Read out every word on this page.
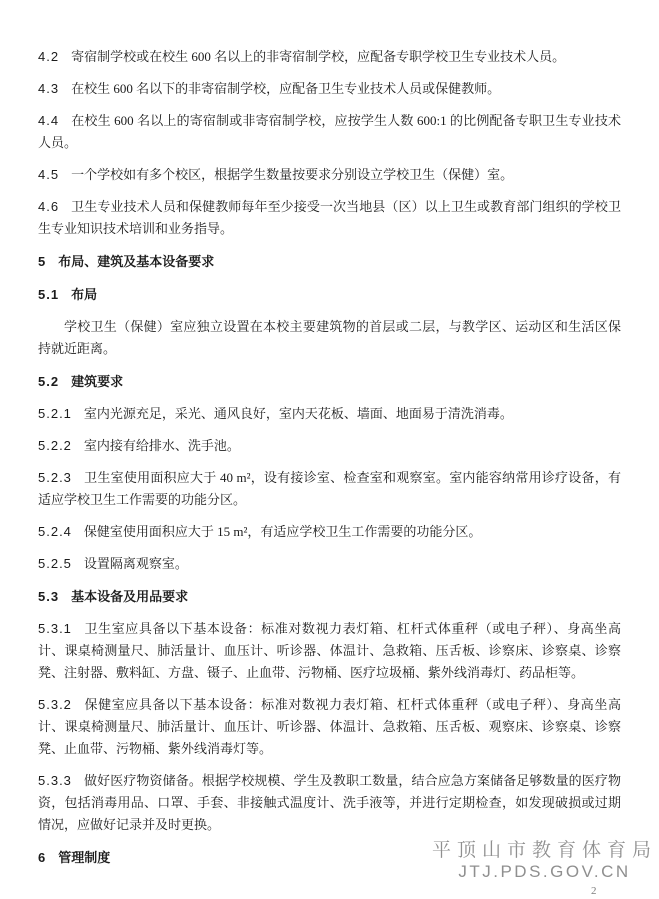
4.2 寄宿制学校或在校生 600 名以上的非寄宿制学校，应配备专职学校卫生专业技术人员。

4.3 在校生 600 名以下的非寄宿制学校，应配备卫生专业技术人员或保健教师。

4.4 在校生 600 名以上的寄宿制或非寄宿制学校，应按学生人数 600:1 的比例配备专职卫生专业技术人员。

4.5 一个学校如有多个校区，根据学生数量按要求分别设立学校卫生（保健）室。

4.6 卫生专业技术人员和保健教师每年至少接受一次当地县（区）以上卫生或教育部门组织的学校卫生专业知识技术培训和业务指导。

5 布局、建筑及基本设备要求

5.1 布局

学校卫生（保健）室应独立设置在本校主要建筑物的首层或二层，与教学区、运动区和生活区保持就近距离。

5.2 建筑要求

5.2.1 室内光源充足，采光、通风良好，室内天花板、墙面、地面易于清洗消毒。

5.2.2 室内接有给排水、洗手池。

5.2.3 卫生室使用面积应大于 40 m²，设有接诊室、检查室和观察室。室内能容纳常用诊疗设备，有适应学校卫生工作需要的功能分区。

5.2.4 保健室使用面积应大于 15 m²，有适应学校卫生工作需要的功能分区。

5.2.5 设置隔离观察室。

5.3 基本设备及用品要求

5.3.1 卫生室应具备以下基本设备：标准对数视力表灯箱、杠杆式体重秤（或电子秤）、身高坐高计、课桌椅测量尺、肺活量计、血压计、听诊器、体温计、急救箱、压舌板、诊察床、诊察桌、诊察凳、注射器、敷料缸、方盘、镊子、止血带、污物桶、医疗垃圾桶、紫外线消毒灯、药品柜等。

5.3.2 保健室应具备以下基本设备：标准对数视力表灯箱、杠杆式体重秤（或电子秤）、身高坐高计、课桌椅测量尺、肺活量计、血压计、听诊器、体温计、急救箱、压舌板、观察床、诊察桌、诊察凳、止血带、污物桶、紫外线消毒灯等。

5.3.3 做好医疗物资储备。根据学校规模、学生及教职工数量，结合应急方案储备足够数量的医疗物资，包括消毒用品、口罩、手套、非接触式温度计、洗手液等，并进行定期检查，如发现破损或过期情况，应做好记录并及时更换。

6 管理制度	平顶山市教育体育局
JTJ.PDS.GOV.CN
2
